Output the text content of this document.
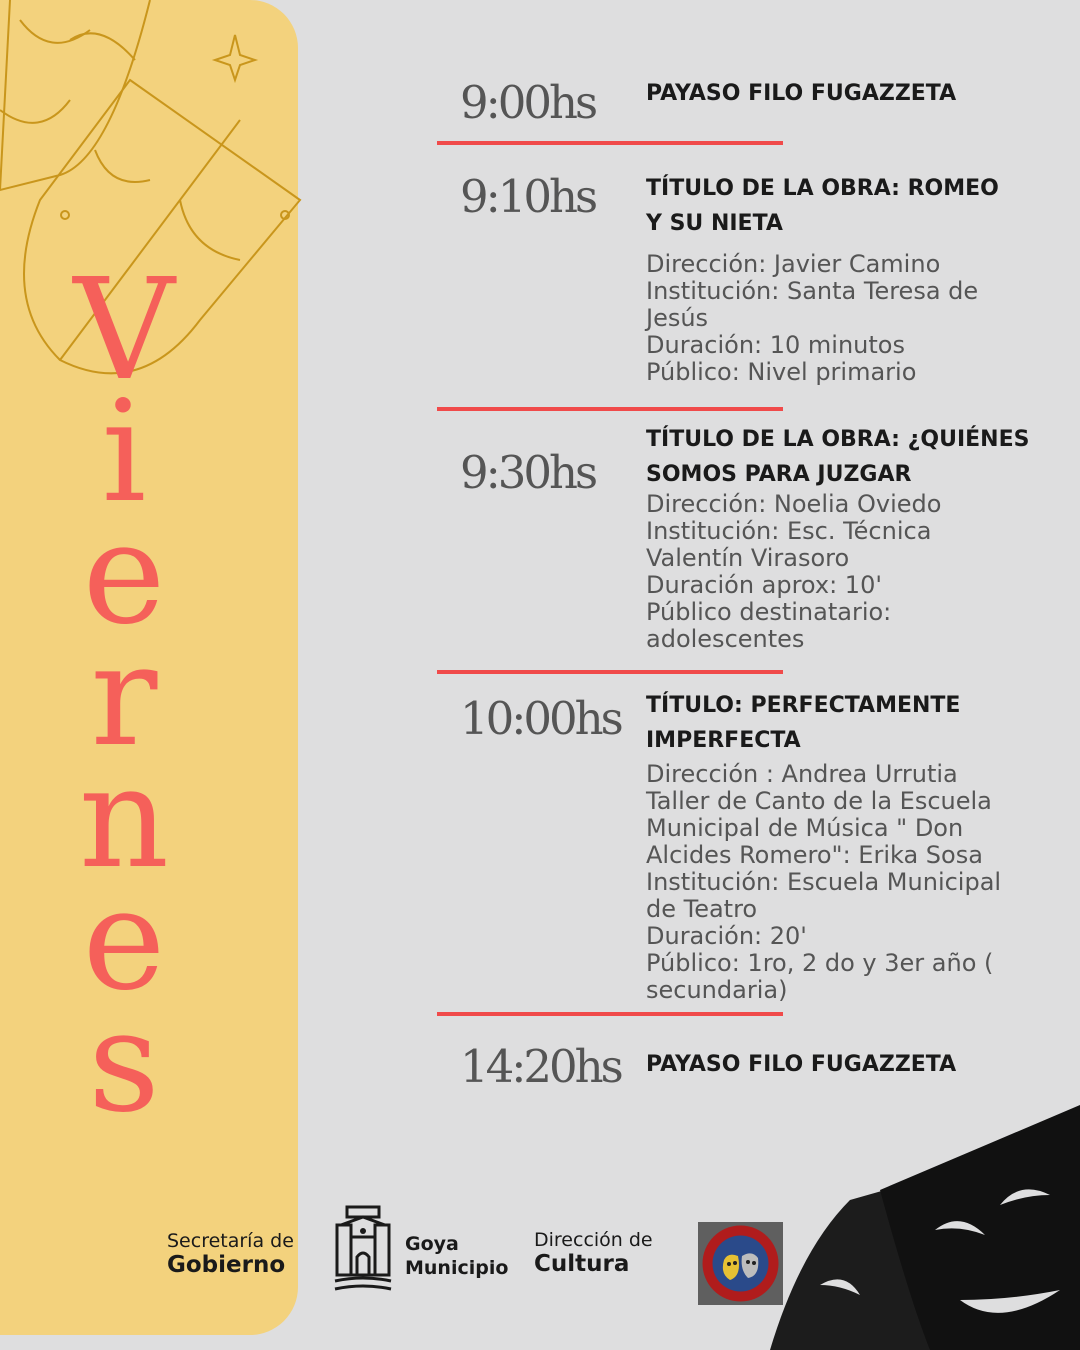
V
i
e
r
n
e
s
9:00hs PAYASO FILO FUGAZZETA
9:10hs TÍTULO DE LA OBRA: ROMEO
Y SU NIETA
Dirección: Javier Camino
Institución: Santa Teresa de
Jesús
Duración: 10 minutos
Público: Nivel primario
9:30hs
TÍTULO DE LA OBRA: ¿QUIÉNES
SOMOS PARA JUZGAR
Dirección: Noelia Oviedo
Institución: Esc. Técnica
Valentín Virasoro
Duración aprox: 10'
Público destinatario:
adolescentes
10:00hs TÍTULO: PERFECTAMENTE
IMPERFECTA
Dirección : Andrea Urrutia
Taller de Canto de la Escuela
Municipal de Música " Don
Alcides Romero": Erika Sosa
Institución: Escuela Municipal
de Teatro
Duración: 20'
Público: 1ro, 2 do y 3er año (
secundaria)
14:20hs PAYASO FILO FUGAZZETA
Secretaría de
Gobierno
Goya
Municipio
Dirección de
Cultura
